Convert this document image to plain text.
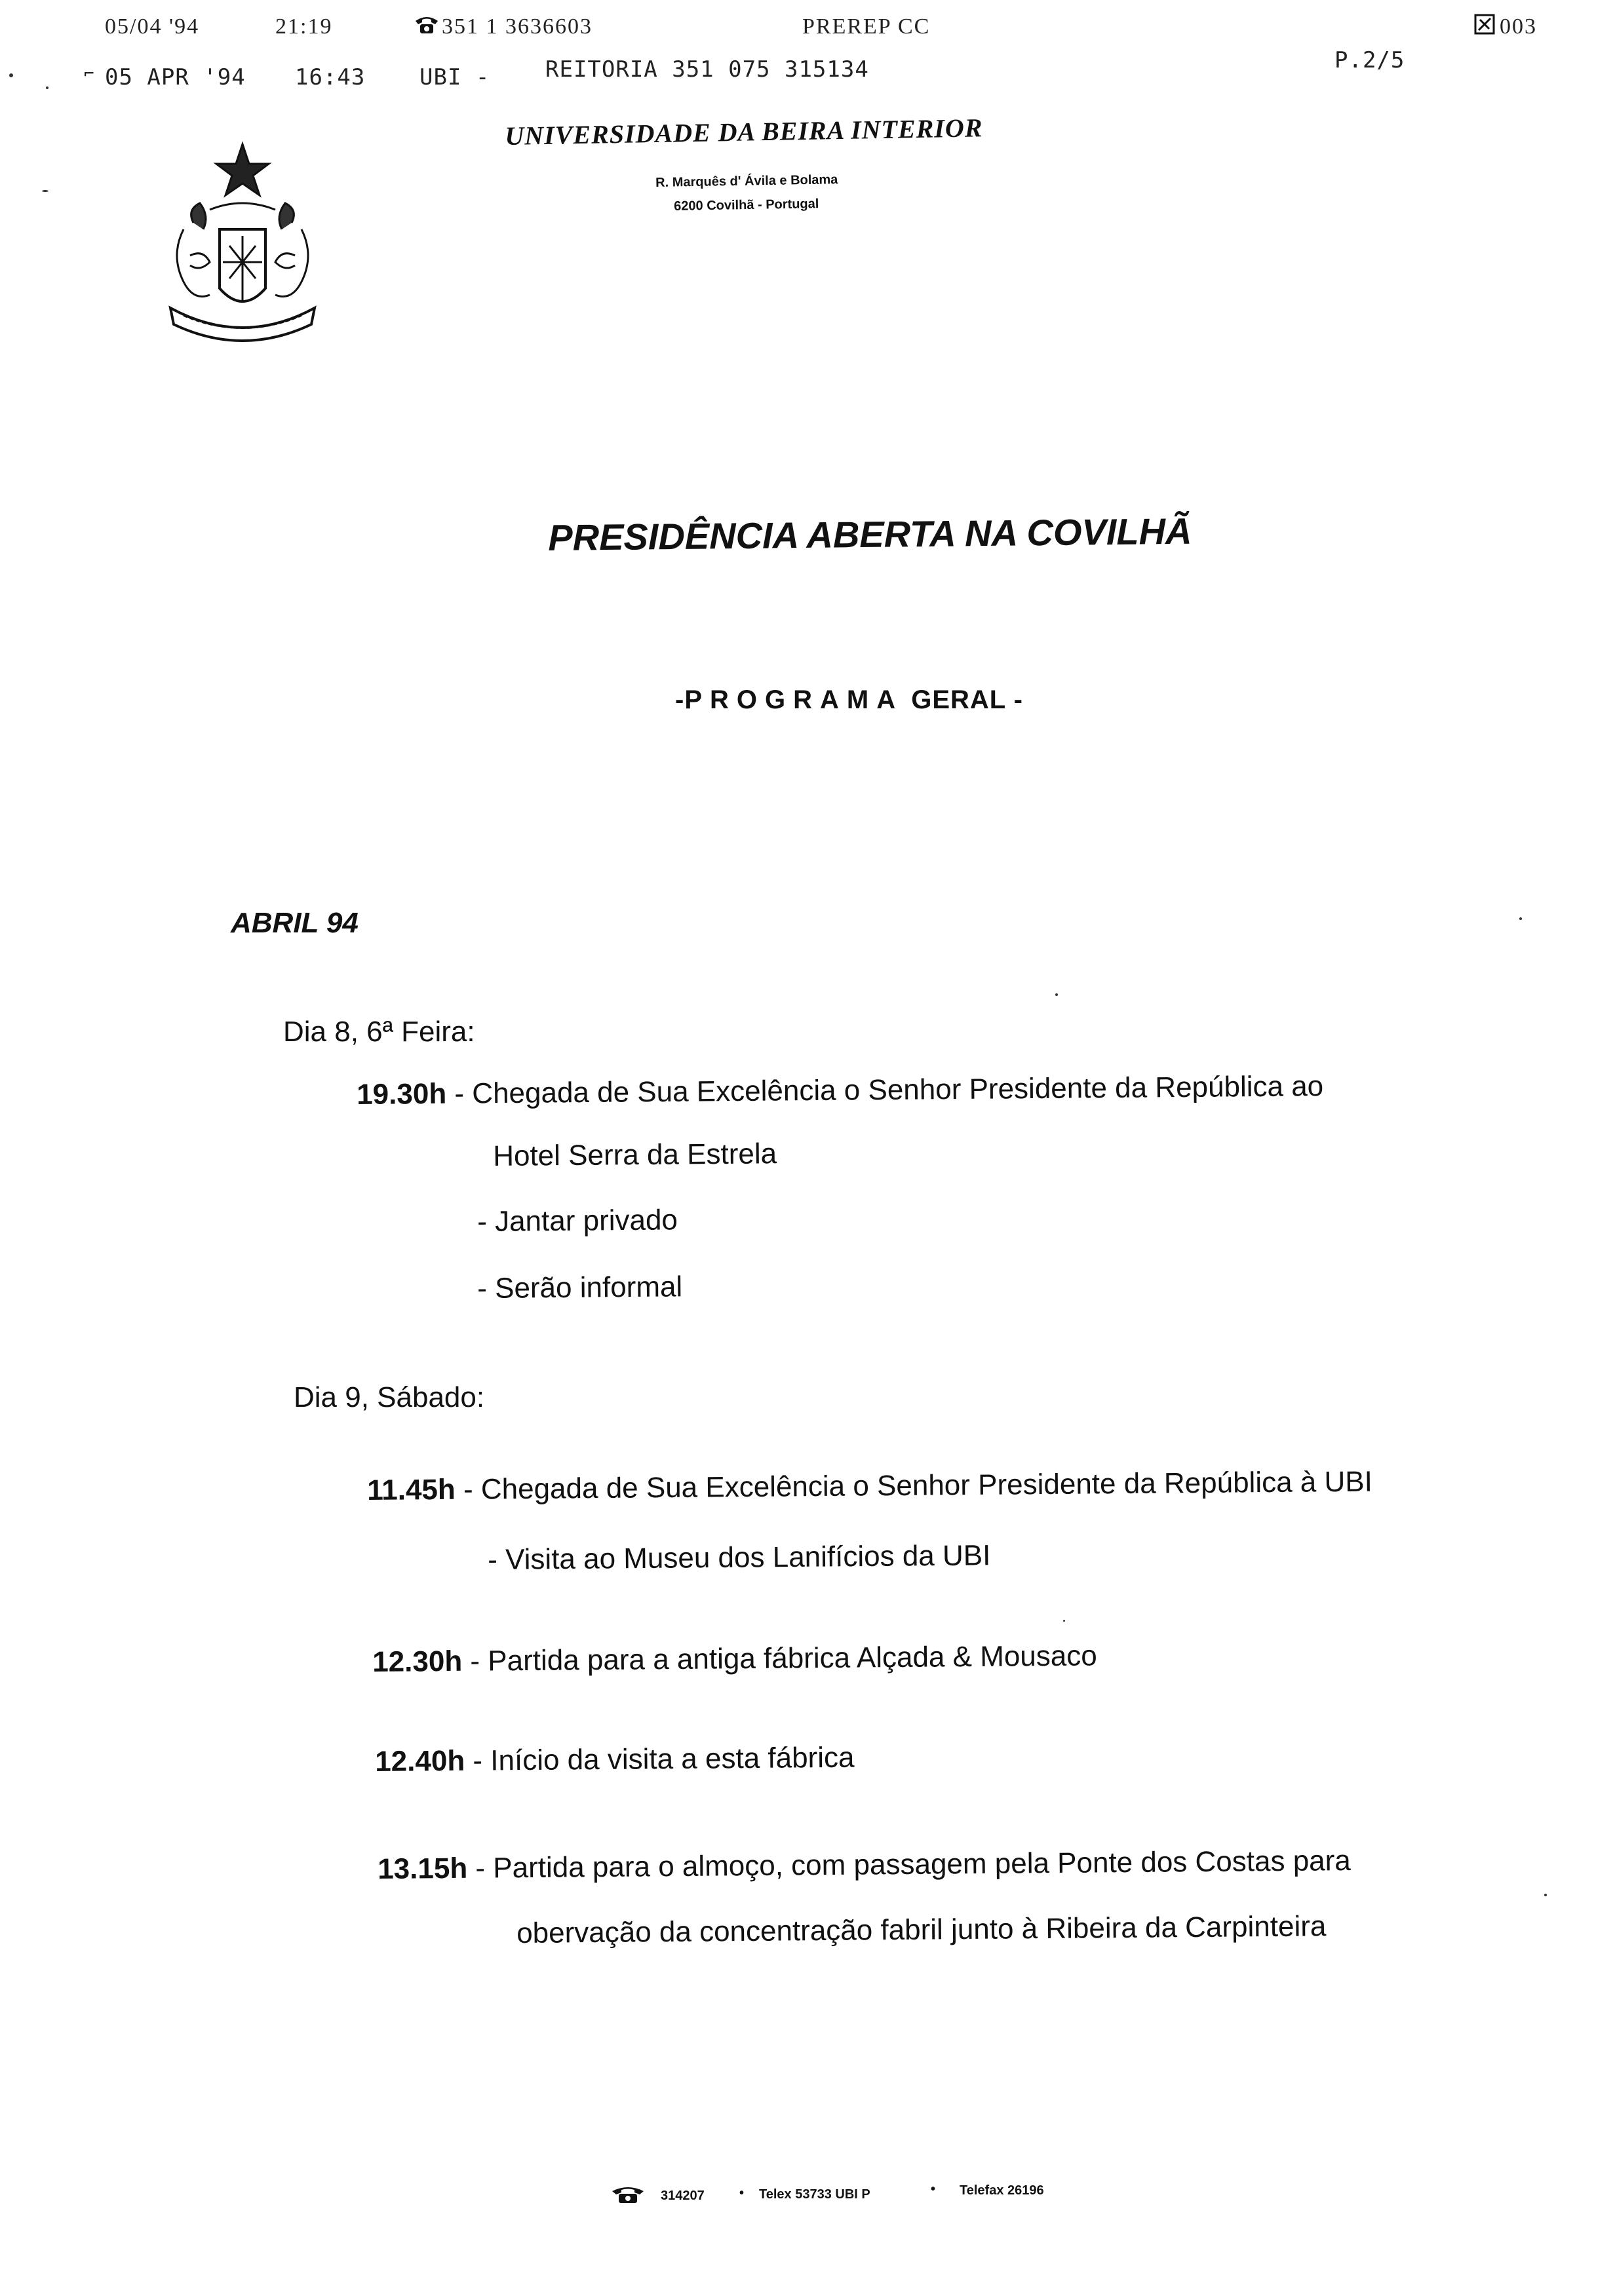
05/04 '94	21:19	351 1 3636603	PREREP CC	003
⌐ 05 APR '94 16:43 UBI - REITORIA 351 075 315134	P.2/5
UNIVERSIDADE DA BEIRA INTERIOR
R. Marquês d' Ávila e Bolama
6200 Covilhã - Portugal
PRESIDÊNCIA ABERTA NA COVILHÃ
-PROGRAMA GERAL -
ABRIL 94
Dia 8, 6ª Feira:
19.30h - Chegada de Sua Excelência o Senhor Presidente da República ao
Hotel Serra da Estrela
- Jantar privado
- Serão informal
Dia 9, Sábado:
11.45h - Chegada de Sua Excelência o Senhor Presidente da República à UBI
- Visita ao Museu dos Lanifícios da UBI
12.30h - Partida para a antiga fábrica Alçada & Mousaco
12.40h - Início da visita a esta fábrica
13.15h - Partida para o almoço, com passagem pela Ponte dos Costas para
obervação da concentração fabril junto à Ribeira da Carpinteira
314207	• Telex 53733 UBI P	• Telefax 26196
